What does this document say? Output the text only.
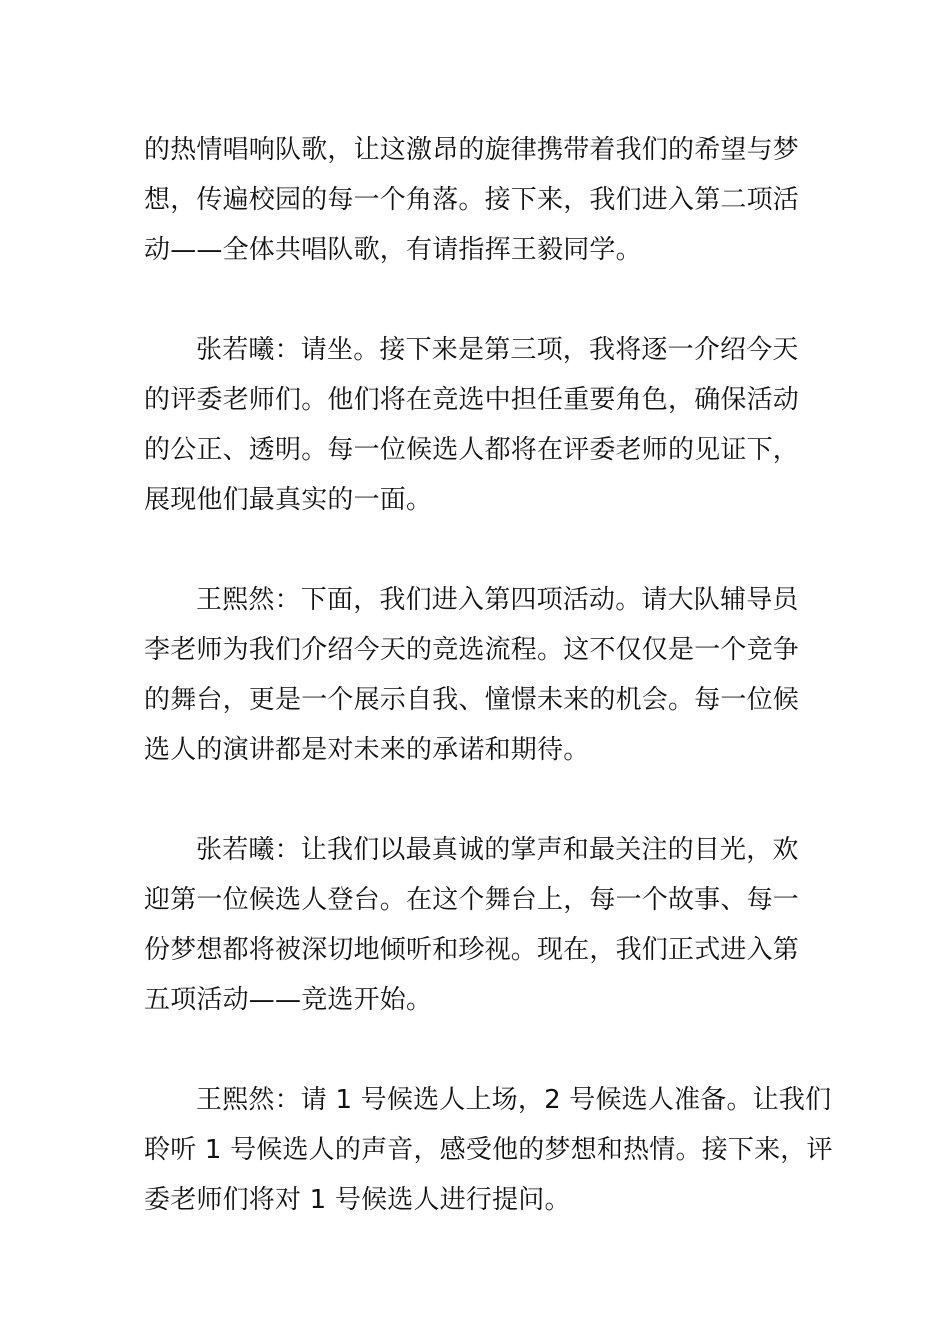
的热情唱响队歌，让这激昂的旋律携带着我们的希望与梦
想，传遍校园的每一个角落。接下来，我们进入第二项活
动——全体共唱队歌，有请指挥王毅同学。

张若曦：请坐。接下来是第三项，我将逐一介绍今天
的评委老师们。他们将在竞选中担任重要角色，确保活动
的公正、透明。每一位候选人都将在评委老师的见证下，
展现他们最真实的一面。

王熙然：下面，我们进入第四项活动。请大队辅导员
李老师为我们介绍今天的竞选流程。这不仅仅是一个竞争
的舞台，更是一个展示自我、憧憬未来的机会。每一位候
选人的演讲都是对未来的承诺和期待。

张若曦：让我们以最真诚的掌声和最关注的目光，欢
迎第一位候选人登台。在这个舞台上，每一个故事、每一
份梦想都将被深切地倾听和珍视。现在，我们正式进入第
五项活动——竞选开始。

王熙然：请 1 号候选人上场，2 号候选人准备。让我们
聆听 1 号候选人的声音，感受他的梦想和热情。接下来，评
委老师们将对 1 号候选人进行提问。
